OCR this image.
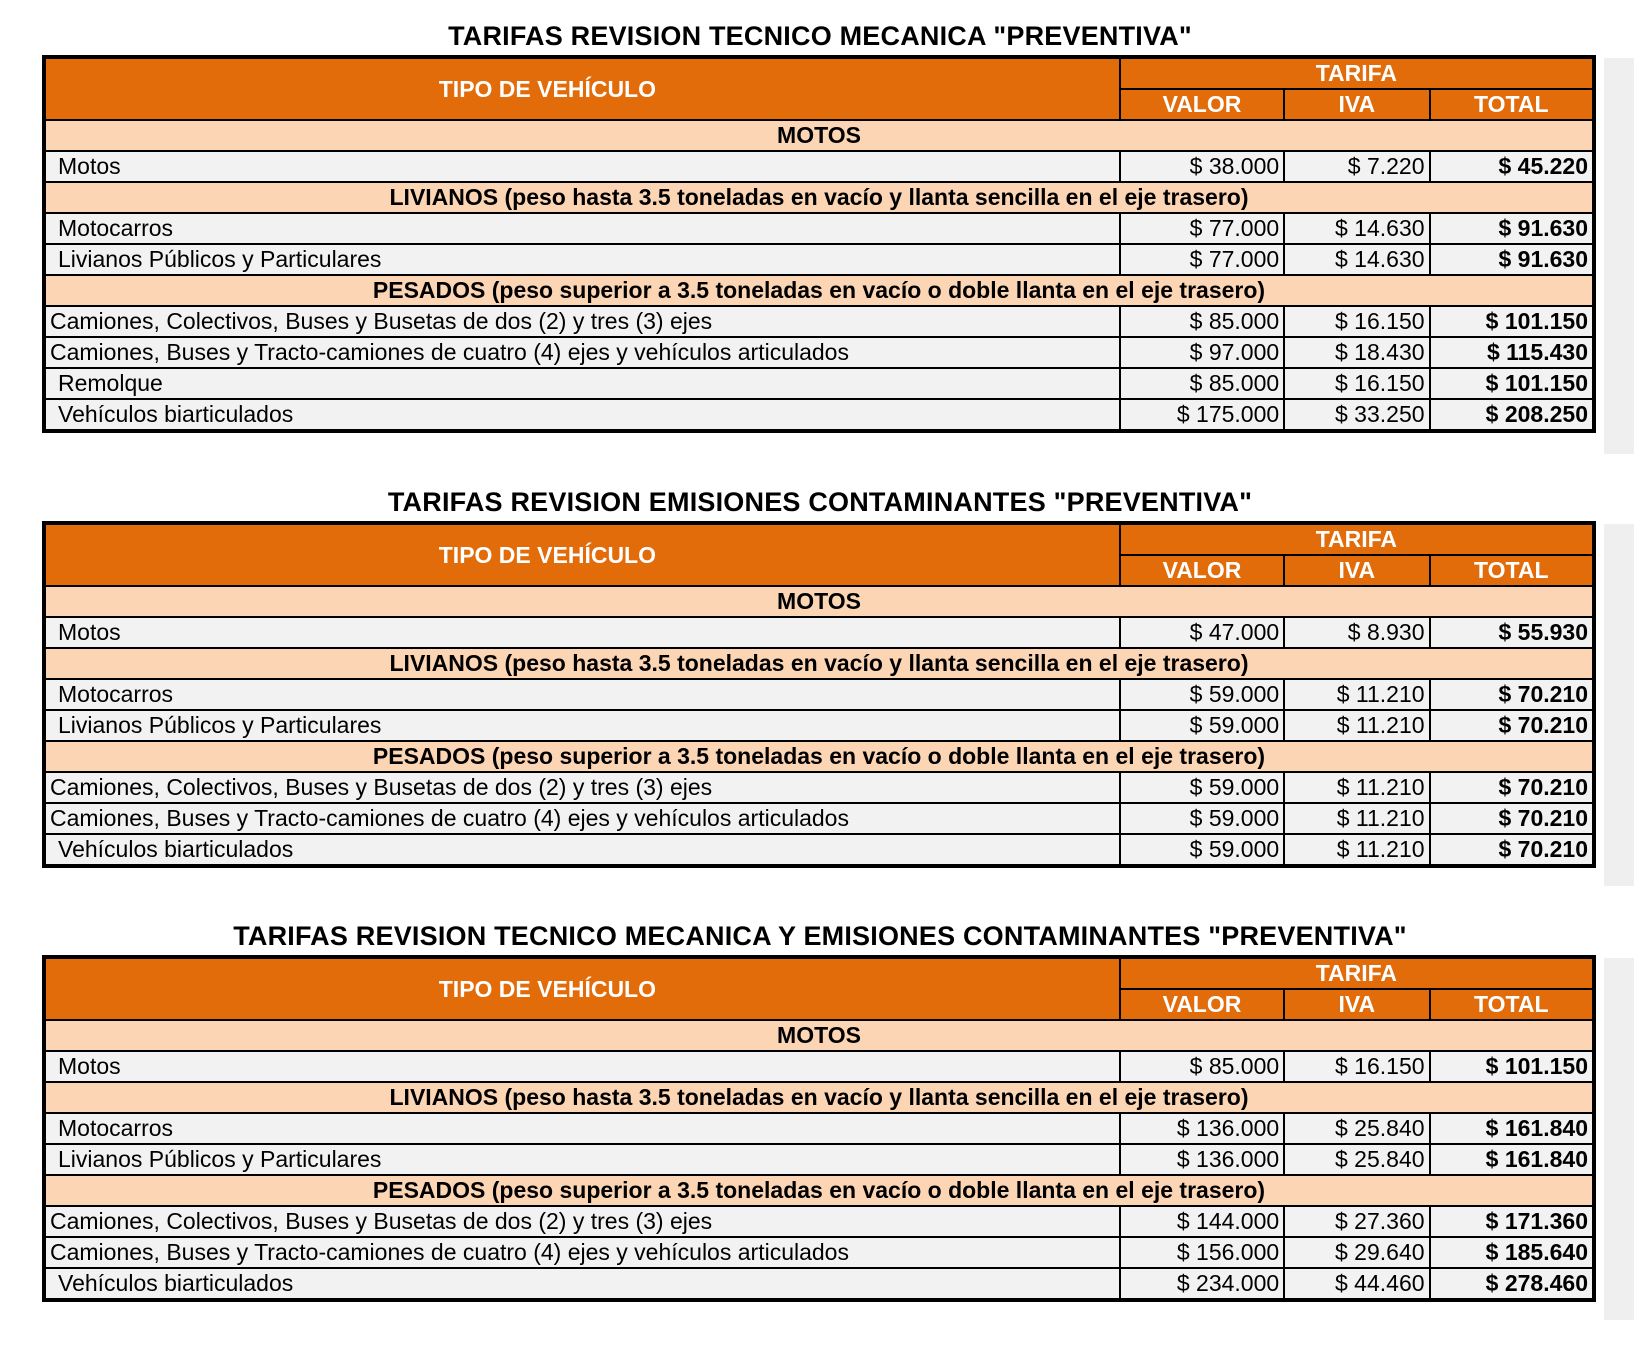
TARIFAS REVISION TECNICO MECANICA "PREVENTIVA"
TIPO DE VEHÍCULO	TARIFA		
	VALOR	IVA	TOTAL
MOTOS			
Motos	$ 38.000	$ 7.220	$ 45.220
LIVIANOS (peso hasta 3.5 toneladas en vacío y llanta sencilla en el eje trasero)			
Motocarros	$ 77.000	$ 14.630	$ 91.630
Livianos Públicos y Particulares	$ 77.000	$ 14.630	$ 91.630
PESADOS (peso superior a 3.5 toneladas en vacío o doble llanta en el eje trasero)			
Camiones, Colectivos, Buses y Busetas de dos (2) y tres (3) ejes	$ 85.000	$ 16.150	$ 101.150
Camiones, Buses y Tracto-camiones de cuatro (4) ejes y vehículos articulados	$ 97.000	$ 18.430	$ 115.430
Remolque	$ 85.000	$ 16.150	$ 101.150
Vehículos biarticulados	$ 175.000	$ 33.250	$ 208.250
TARIFAS REVISION EMISIONES CONTAMINANTES "PREVENTIVA"
TIPO DE VEHÍCULO	TARIFA		
	VALOR	IVA	TOTAL
MOTOS			
Motos	$ 47.000	$ 8.930	$ 55.930
LIVIANOS (peso hasta 3.5 toneladas en vacío y llanta sencilla en el eje trasero)			
Motocarros	$ 59.000	$ 11.210	$ 70.210
Livianos Públicos y Particulares	$ 59.000	$ 11.210	$ 70.210
PESADOS (peso superior a 3.5 toneladas en vacío o doble llanta en el eje trasero)			
Camiones, Colectivos, Buses y Busetas de dos (2) y tres (3) ejes	$ 59.000	$ 11.210	$ 70.210
Camiones, Buses y Tracto-camiones de cuatro (4) ejes y vehículos articulados	$ 59.000	$ 11.210	$ 70.210
Vehículos biarticulados	$ 59.000	$ 11.210	$ 70.210
TARIFAS REVISION TECNICO MECANICA Y EMISIONES CONTAMINANTES "PREVENTIVA"
TIPO DE VEHÍCULO	TARIFA		
	VALOR	IVA	TOTAL
MOTOS			
Motos	$ 85.000	$ 16.150	$ 101.150
LIVIANOS (peso hasta 3.5 toneladas en vacío y llanta sencilla en el eje trasero)			
Motocarros	$ 136.000	$ 25.840	$ 161.840
Livianos Públicos y Particulares	$ 136.000	$ 25.840	$ 161.840
PESADOS (peso superior a 3.5 toneladas en vacío o doble llanta en el eje trasero)			
Camiones, Colectivos, Buses y Busetas de dos (2) y tres (3) ejes	$ 144.000	$ 27.360	$ 171.360
Camiones, Buses y Tracto-camiones de cuatro (4) ejes y vehículos articulados	$ 156.000	$ 29.640	$ 185.640
Vehículos biarticulados	$ 234.000	$ 44.460	$ 278.460
